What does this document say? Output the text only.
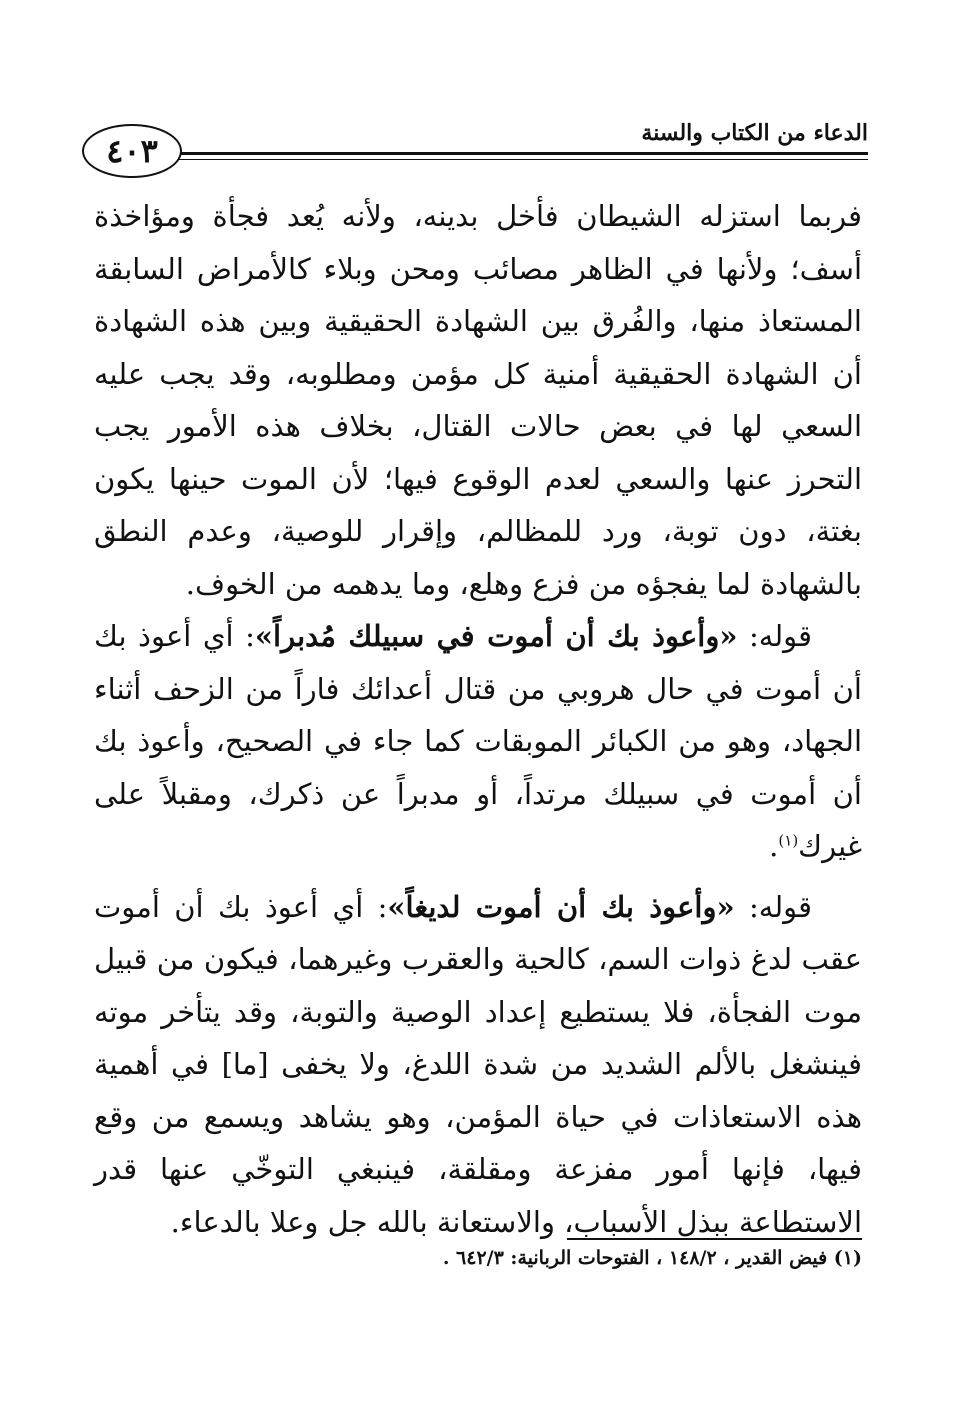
٤٠٣	الدعاء من الكتاب والسنة

فربما استزله الشيطان فأخل بدينه، ولأنه يُعد فجأة ومؤاخذة أسف؛ ولأنها في الظاهر مصائب ومحن وبلاء كالأمراض السابقة المستعاذ منها، والفُرق بين الشهادة الحقيقية وبين هذه الشهادة أن الشهادة الحقيقية أمنية كل مؤمن ومطلوبه، وقد يجب عليه السعي لها في بعض حالات القتال، بخلاف هذه الأمور يجب التحرز عنها والسعي لعدم الوقوع فيها؛ لأن الموت حينها يكون بغتة، دون توبة، ورد للمظالم، وإقرار للوصية، وعدم النطق بالشهادة لما يفجؤه من فزع وهلع، وما يدهمه من الخوف.

قوله: «وأعوذ بك أن أموت في سبيلك مُدبراً»: أي أعوذ بك أن أموت في حال هروبي من قتال أعدائك فاراً من الزحف أثناء الجهاد، وهو من الكبائر الموبقات كما جاء في الصحيح، وأعوذ بك أن أموت في سبيلك مرتداً، أو مدبراً عن ذكرك، ومقبلاً على غيرك$^{(١)}$.

قوله: «وأعوذ بك أن أموت لديغاً»: أي أعوذ بك أن أموت عقب لدغ ذوات السم، كالحية والعقرب وغيرهما، فيكون من قبيل موت الفجأة، فلا يستطيع إعداد الوصية والتوبة، وقد يتأخر موته فينشغل بالألم الشديد من شدة اللدغ، ولا يخفى [ما] في أهمية هذه الاستعاذات في حياة المؤمن، وهو يشاهد ويسمع من وقع فيها، فإنها أمور مفزعة ومقلقة، فينبغي التوخّي عنها قدر الاستطاعة ببذل الأسباب، والاستعانة بالله جل وعلا بالدعاء.

(١) فيض القدير ، ١٤٨/٢ ، الفتوحات الربانية: ٦٤٢/٣ .
